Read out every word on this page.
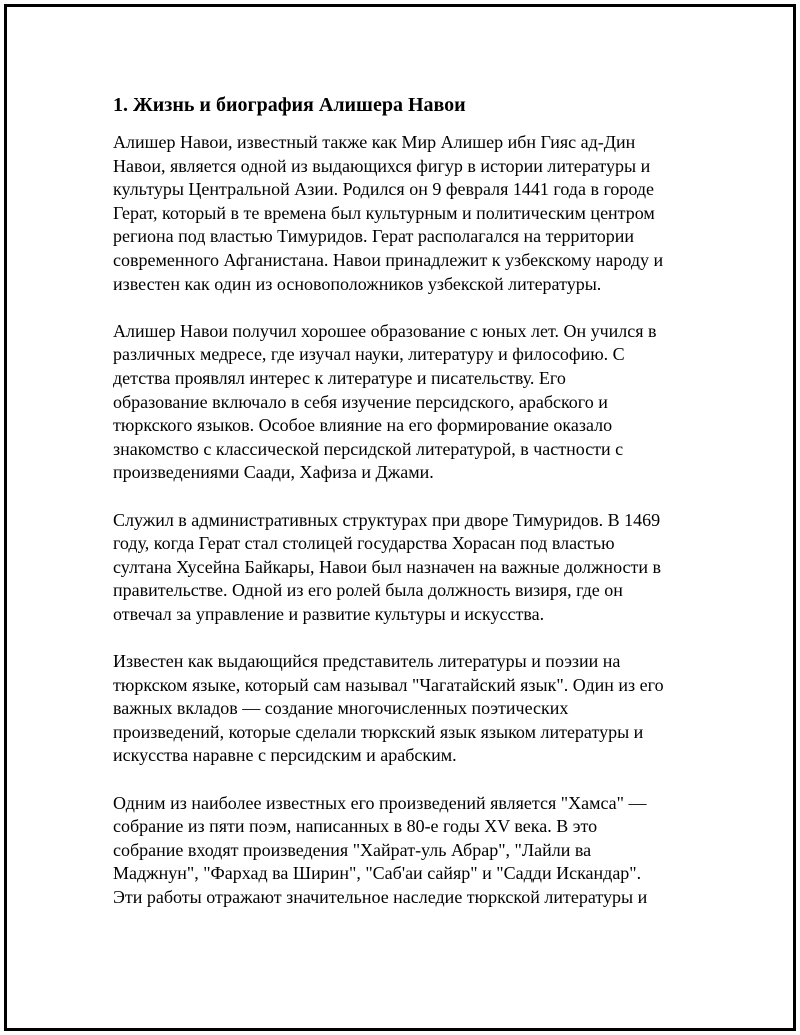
1. Жизнь и биография Алишера Навои

Алишер Навои, известный также как Мир Алишер ибн Гияс ад-Дин
Навои, является одной из выдающихся фигур в истории литературы и
культуры Центральной Азии. Родился он 9 февраля 1441 года в городе
Герат, который в те времена был культурным и политическим центром
региона под властью Тимуридов. Герат располагался на территории
современного Афганистана. Навои принадлежит к узбекскому народу и
известен как один из основоположников узбекской литературы.

Алишер Навои получил хорошее образование с юных лет. Он учился в
различных медресе, где изучал науки, литературу и философию. С
детства проявлял интерес к литературе и писательству. Его
образование включало в себя изучение персидского, арабского и
тюркского языков. Особое влияние на его формирование оказало
знакомство с классической персидской литературой, в частности с
произведениями Саади, Хафиза и Джами.

Служил в административных структурах при дворе Тимуридов. В 1469
году, когда Герат стал столицей государства Хорасан под властью
султана Хусейна Байкары, Навои был назначен на важные должности в
правительстве. Одной из его ролей была должность визиря, где он
отвечал за управление и развитие культуры и искусства.

Известен как выдающийся представитель литературы и поэзии на
тюркском языке, который сам называл "Чагатайский язык". Один из его
важных вкладов — создание многочисленных поэтических
произведений, которые сделали тюркский язык языком литературы и
искусства наравне с персидским и арабским.

Одним из наиболее известных его произведений является "Хамса" —
собрание из пяти поэм, написанных в 80-е годы XV века. В это
собрание входят произведения "Хайрат-уль Абрар", "Лайли ва
Маджнун", "Фархад ва Ширин", "Саб'аи сайяр" и "Садди Искандар".
Эти работы отражают значительное наследие тюркской литературы и
